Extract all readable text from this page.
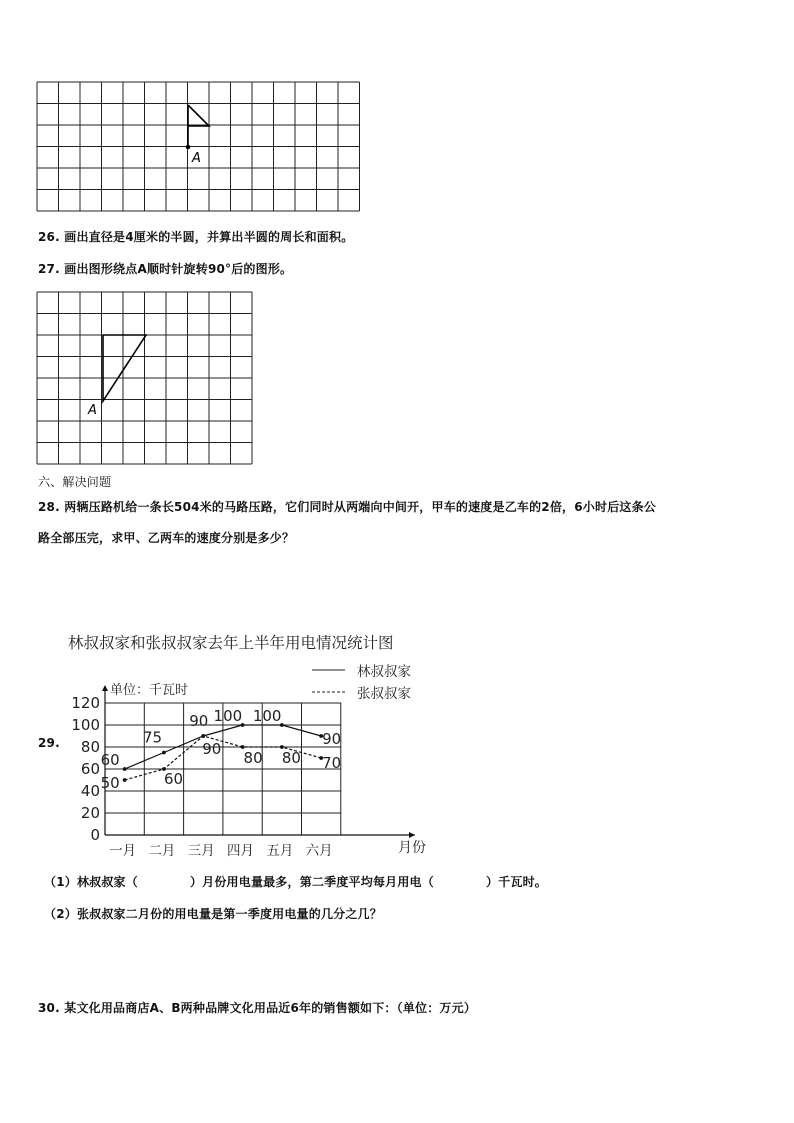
A
26. 画出直径是4厘米的半圆，并算出半圆的周长和面积。
27. 画出图形绕点A顺时针旋转90°后的图形。
A
六、解决问题
28. 两辆压路机给一条长504米的马路压路，它们同时从两端向中间开，甲车的速度是乙车的2倍，6小时后这条公
路全部压完，求甲、乙两车的速度分别是多少？
29.
林叔叔家和张叔叔家去年上半年用电情况统计图
单位：千瓦时
月份
林叔叔家
张叔叔家
0
20
40
60
80
100
120
一月 二月 三月 四月 五月 六月
60
75
90 100 100
90
50	60
90 80 80 70
（1）林叔叔家（	）月份用电量最多，第二季度平均每月用电（	）千瓦时。
（2）张叔叔家二月份的用电量是第一季度用电量的几分之几？
30. 某文化用品商店A、B两种品牌文化用品近6年的销售额如下：（单位：万元）
